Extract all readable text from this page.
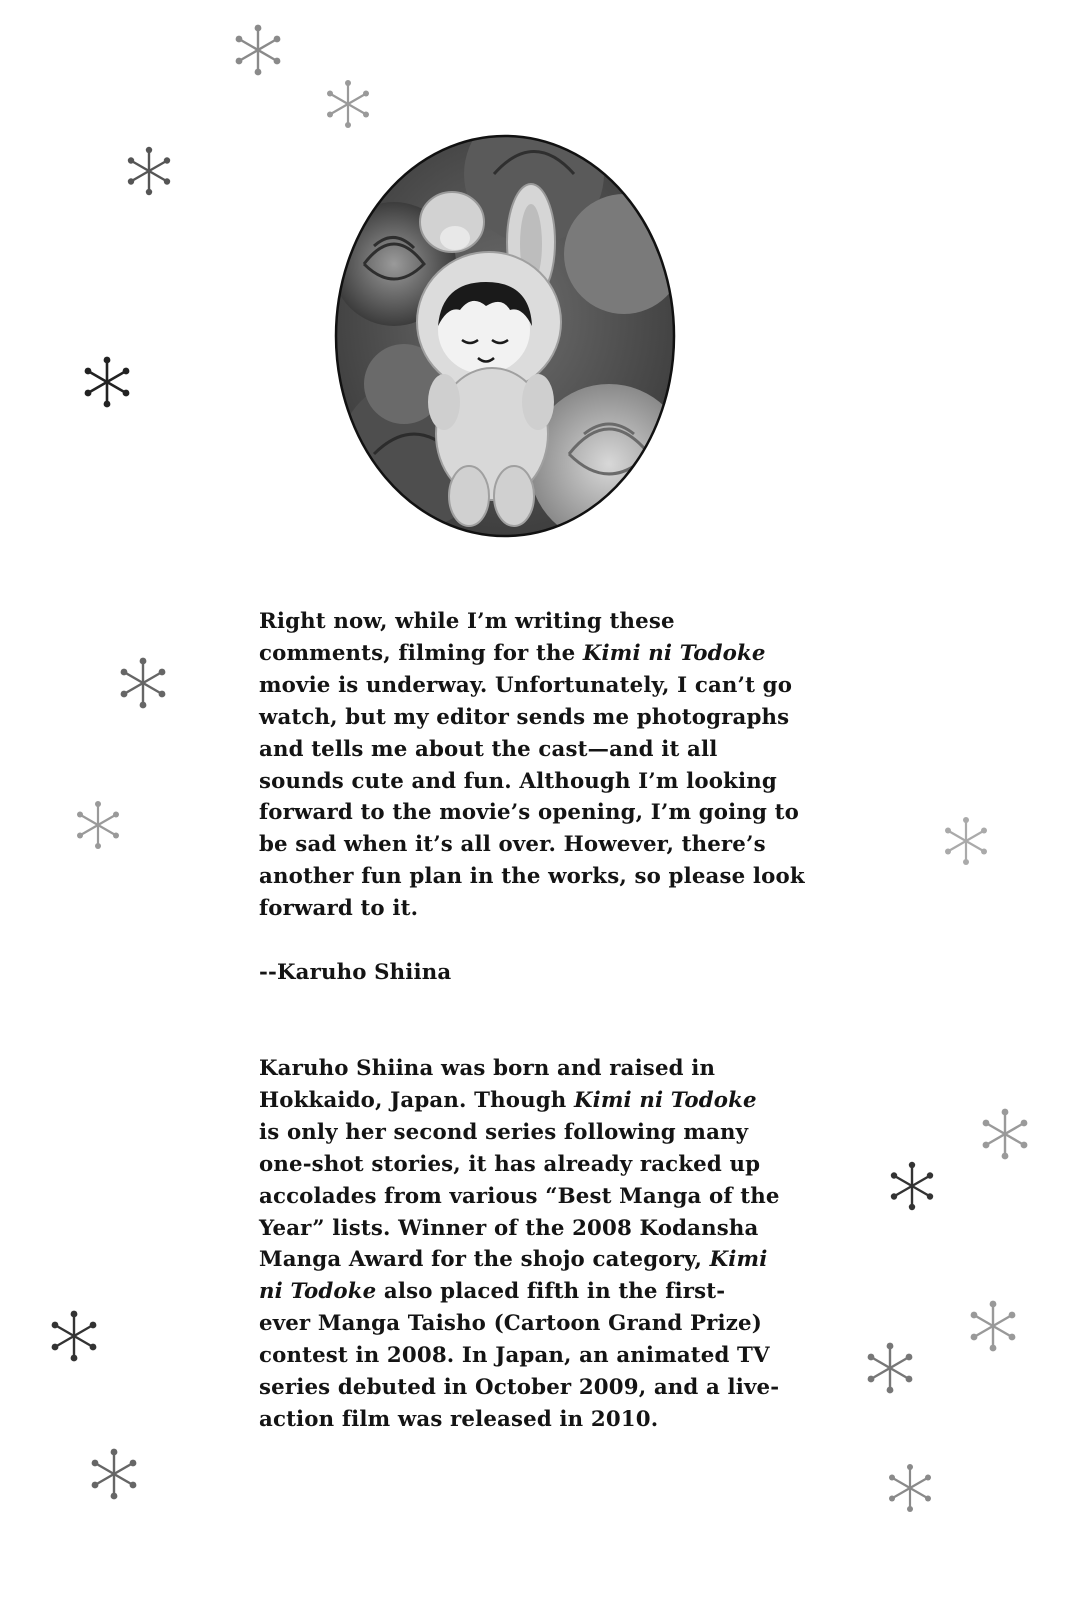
Right now, while I’m writing these

comments, filming for the Kimi ni Todoke

movie is underway. Unfortunately, I can’t go

watch, but my editor sends me photographs

and tells me about the cast—and it all

sounds cute and fun. Although I’m looking

forward to the movie’s opening, I’m going to

be sad when it’s all over. However, there’s

another fun plan in the works, so please look

forward to it.

--Karuho Shiina

Karuho Shiina was born and raised in

Hokkaido, Japan. Though Kimi ni Todoke

is only her second series following many

one-shot stories, it has already racked up

accolades from various “Best Manga of the

Year” lists. Winner of the 2008 Kodansha

Manga Award for the shojo category, Kimi

ni Todoke also placed fifth in the first-

ever Manga Taisho (Cartoon Grand Prize)

contest in 2008. In Japan, an animated TV

series debuted in October 2009, and a live-

action film was released in 2010.
